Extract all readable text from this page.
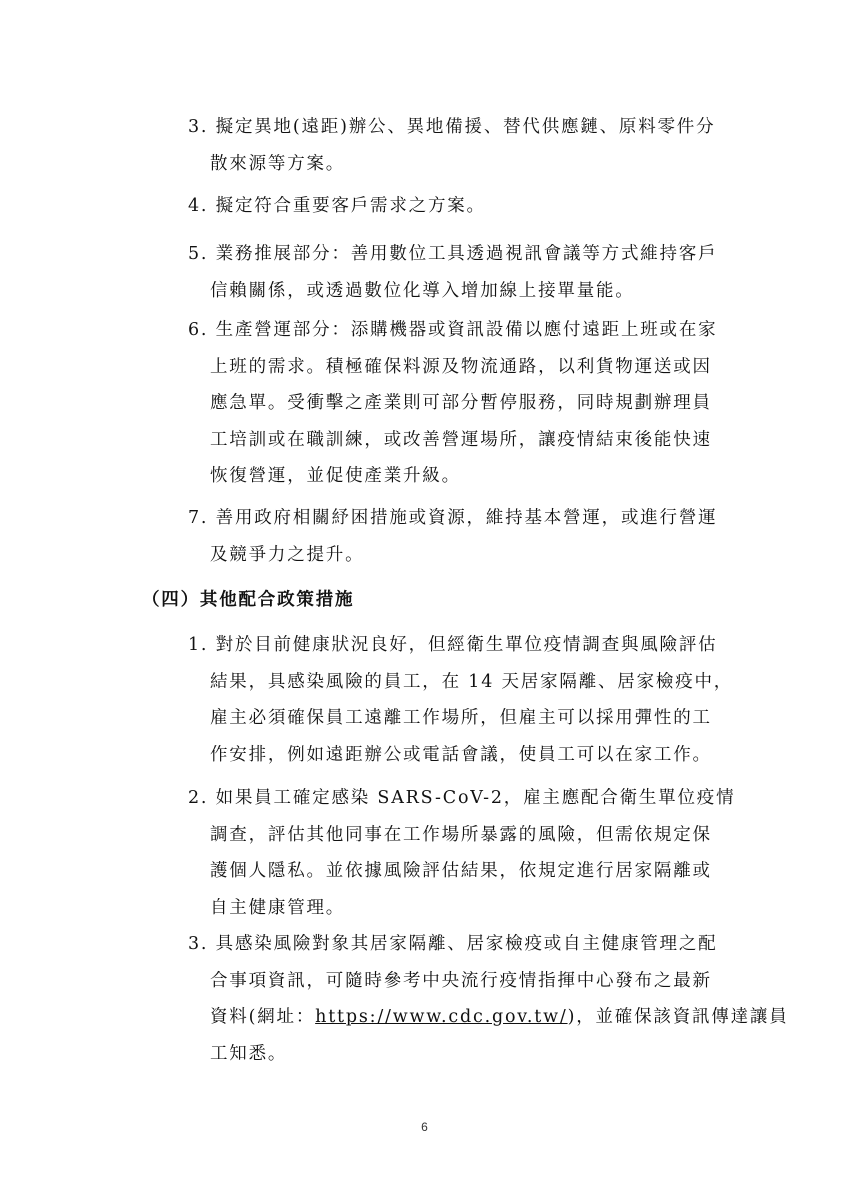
3. 擬定異地(遠距)辦公、異地備援、替代供應鏈、原料零件分
散來源等方案。
4. 擬定符合重要客戶需求之方案。
5. 業務推展部分：善用數位工具透過視訊會議等方式維持客戶
信賴關係，或透過數位化導入增加線上接單量能。
6. 生產營運部分：添購機器或資訊設備以應付遠距上班或在家
上班的需求。積極確保料源及物流通路，以利貨物運送或因
應急單。受衝擊之產業則可部分暫停服務，同時規劃辦理員
工培訓或在職訓練，或改善營運場所，讓疫情結束後能快速
恢復營運，並促使產業升級。
7. 善用政府相關紓困措施或資源，維持基本營運，或進行營運
及競爭力之提升。
（四）其他配合政策措施
1. 對於目前健康狀況良好，但經衛生單位疫情調查與風險評估
結果，具感染風險的員工，在 14 天居家隔離、居家檢疫中，
雇主必須確保員工遠離工作場所，但雇主可以採用彈性的工
作安排，例如遠距辦公或電話會議，使員工可以在家工作。
2. 如果員工確定感染 SARS-CoV-2，雇主應配合衛生單位疫情
調查，評估其他同事在工作場所暴露的風險，但需依規定保
護個人隱私。並依據風險評估結果，依規定進行居家隔離或
自主健康管理。
3. 具感染風險對象其居家隔離、居家檢疫或自主健康管理之配
合事項資訊，可隨時參考中央流行疫情指揮中心發布之最新
資料(網址：https://www.cdc.gov.tw/)，並確保該資訊傳達讓員
工知悉。
6
